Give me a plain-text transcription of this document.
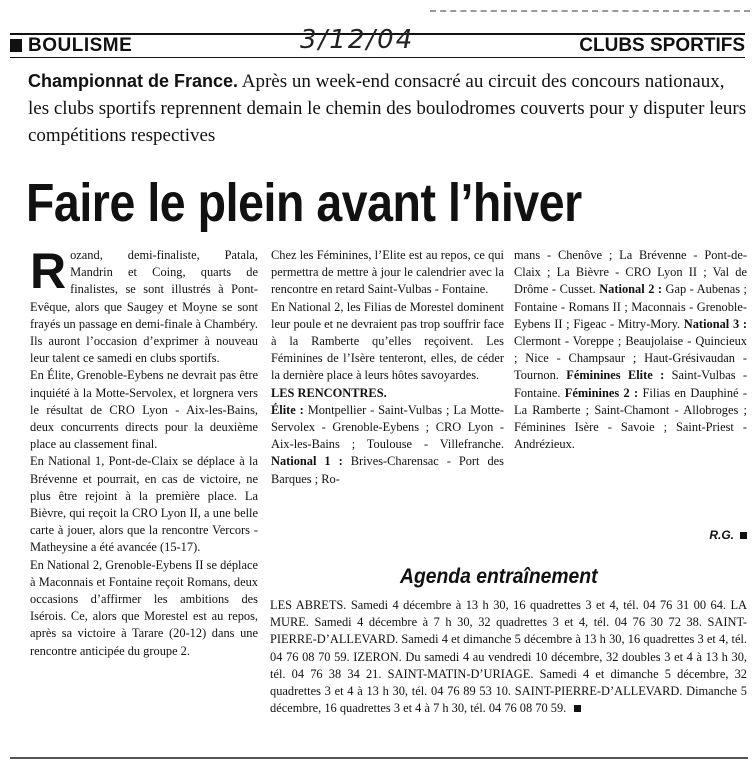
BOULISME	3/12/04	CLUBS SPORTIFS
Championnat de France. Après un week-end consacré au circuit des concours nationaux, les clubs sportifs reprennent demain le chemin des boulodromes couverts pour y disputer leurs compétitions respectives
Faire le plein avant l’hiver

Rozand, demi-finaliste, Patala, Mandrin et Coing, quarts de finalistes, se sont illustrés à Pont-Evêque, alors que Saugey et Moyne se sont frayés un passage en demi-finale à Chambéry. Ils auront l’occasion d’exprimer à nouveau leur talent ce samedi en clubs sportifs.

En Élite, Grenoble-Eybens ne devrait pas être inquiété à la Motte-Servolex, et lorgnera vers le résultat de CRO Lyon - Aix-les-Bains, deux concurrents directs pour la deuxième place au classement final.

En National 1, Pont-de-Claix se déplace à la Brévenne et pourrait, en cas de victoire, ne plus être rejoint à la première place. La Bièvre, qui reçoit la CRO Lyon II, a une belle carte à jouer, alors que la rencontre Vercors - Matheysine a été avancée (15-17).

En National 2, Grenoble-Eybens II se déplace à Maconnais et Fontaine reçoit Romans, deux occasions d’affirmer les ambitions des Isérois. Ce, alors que Morestel est au repos, après sa victoire à Tarare (20-12) dans une rencontre anticipée du groupe 2.

Chez les Féminines, l’Elite est au repos, ce qui permettra de mettre à jour le calendrier avec la rencontre en retard Saint-Vulbas - Fontaine.

En National 2, les Filias de Morestel dominent leur poule et ne devraient pas trop souffrir face à la Ramberte qu’elles reçoivent. Les Féminines de l’Isère tenteront, elles, de céder la dernière place à leurs hôtes savoyardes.

LES RENCONTRES.

Élite : Montpellier - Saint-Vulbas ; La Motte-Servolex - Grenoble-Eybens ; CRO Lyon - Aix-les-Bains ; Toulouse - Villefranche. National 1 : Brives-Charensac - Port des Barques ; Ro-

mans - Chenôve ; La Brévenne - Pont-de-Claix ; La Bièvre - CRO Lyon II ; Val de Drôme - Cusset. National 2 : Gap - Aubenas ; Fontaine - Romans II ; Maconnais - Grenoble-Eybens II ; Figeac - Mitry-Mory. National 3 : Clermont - Voreppe ; Beaujolaise - Quincieux ; Nice - Champsaur ; Haut-Grésivaudan - Tournon. Féminines Elite : Saint-Vulbas - Fontaine. Féminines 2 : Filias en Dauphiné - La Ramberte ; Saint-Chamont - Allobroges ; Féminines Isère - Savoie ; Saint-Priest - Andrézieux.

R.G.
Agenda entraînement
LES ABRETS. Samedi 4 décembre à 13 h 30, 16 quadrettes 3 et 4, tél. 04 76 31 00 64. LA MURE. Samedi 4 décembre à 7 h 30, 32 quadrettes 3 et 4, tél. 04 76 30 72 38. SAINT-PIERRE-D’ALLEVARD. Samedi 4 et dimanche 5 décembre à 13 h 30, 16 quadrettes 3 et 4, tél. 04 76 08 70 59. IZERON. Du samedi 4 au vendredi 10 décembre, 32 doubles 3 et 4 à 13 h 30, tél. 04 76 38 34 21. SAINT-MATIN-D’URIAGE. Samedi 4 et dimanche 5 décembre, 32 quadrettes 3 et 4 à 13 h 30, tél. 04 76 89 53 10. SAINT-PIERRE-D’ALLEVARD. Dimanche 5 décembre, 16 quadrettes 3 et 4 à 7 h 30, tél. 04 76 08 70 59.
